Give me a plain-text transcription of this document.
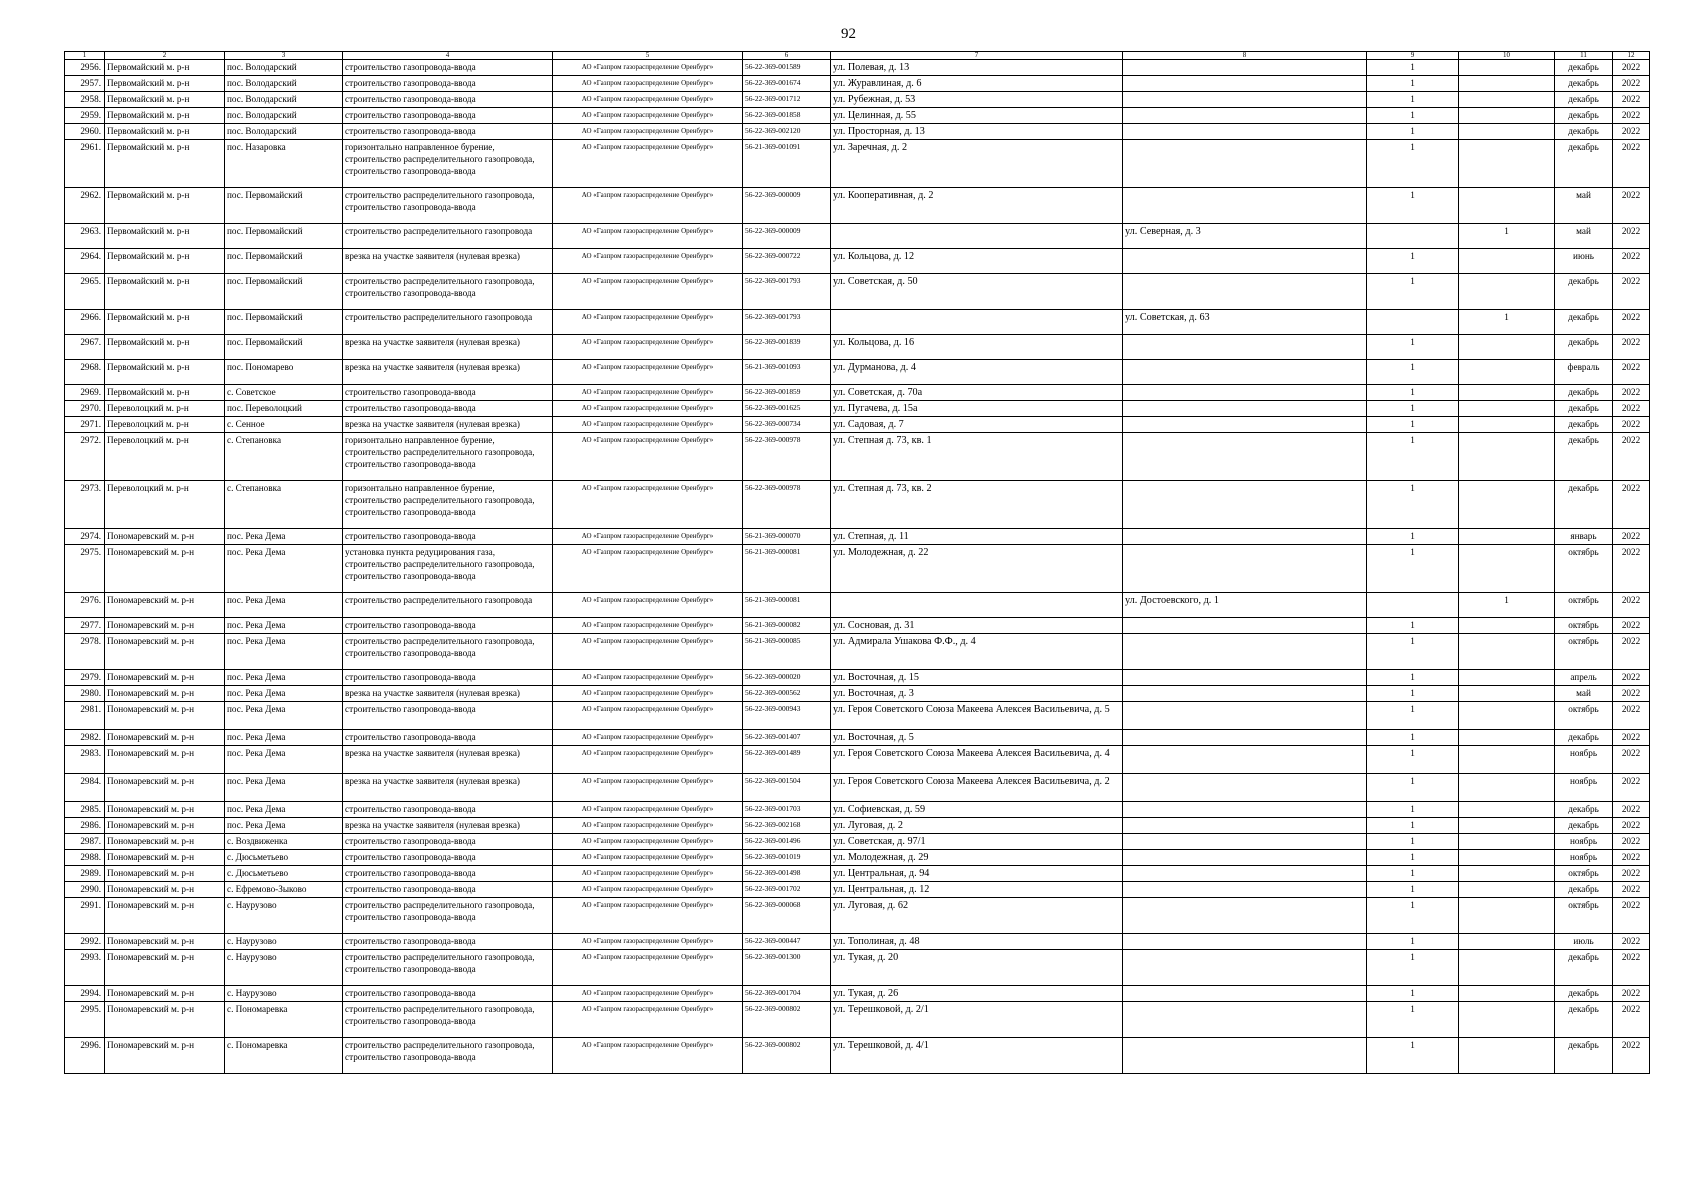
92
1	2	3	4	5	6	7	8	9	10	11	12
2956.	Первомайский м. р-н	пос. Володарский	строительство газопровода-ввода	АО «Газпром газораспределение Оренбург»	56-22-369-001589	ул. Полевая, д. 13		1		декабрь	2022
2957.	Первомайский м. р-н	пос. Володарский	строительство газопровода-ввода	АО «Газпром газораспределение Оренбург»	56-22-369-001674	ул. Журавлиная, д. 6		1		декабрь	2022
2958.	Первомайский м. р-н	пос. Володарский	строительство газопровода-ввода	АО «Газпром газораспределение Оренбург»	56-22-369-001712	ул. Рубежная, д. 53		1		декабрь	2022
2959.	Первомайский м. р-н	пос. Володарский	строительство газопровода-ввода	АО «Газпром газораспределение Оренбург»	56-22-369-001858	ул. Целинная, д. 55		1		декабрь	2022
2960.	Первомайский м. р-н	пос. Володарский	строительство газопровода-ввода	АО «Газпром газораспределение Оренбург»	56-22-369-002120	ул. Просторная, д. 13		1		декабрь	2022
2961.	Первомайский м. р-н	пос. Назаровка	горизонтально направленное бурение, строительство распределительного газопровода, строительство газопровода-ввода	АО «Газпром газораспределение Оренбург»	56-21-369-001091	ул. Заречная, д. 2		1		декабрь	2022
2962.	Первомайский м. р-н	пос. Первомайский	строительство распределительного газопровода, строительство газопровода-ввода	АО «Газпром газораспределение Оренбург»	56-22-369-000009	ул. Кооперативная, д. 2		1		май	2022
2963.	Первомайский м. р-н	пос. Первомайский	строительство распределительного газопровода	АО «Газпром газораспределение Оренбург»	56-22-369-000009		ул. Северная, д. 3		1	май	2022
2964.	Первомайский м. р-н	пос. Первомайский	врезка на участке заявителя (нулевая врезка)	АО «Газпром газораспределение Оренбург»	56-22-369-000722	ул. Кольцова, д. 12		1		июнь	2022
2965.	Первомайский м. р-н	пос. Первомайский	строительство распределительного газопровода, строительство газопровода-ввода	АО «Газпром газораспределение Оренбург»	56-22-369-001793	ул. Советская, д. 50		1		декабрь	2022
2966.	Первомайский м. р-н	пос. Первомайский	строительство распределительного газопровода	АО «Газпром газораспределение Оренбург»	56-22-369-001793		ул. Советская, д. 63		1	декабрь	2022
2967.	Первомайский м. р-н	пос. Первомайский	врезка на участке заявителя (нулевая врезка)	АО «Газпром газораспределение Оренбург»	56-22-369-001839	ул. Кольцова, д. 16		1		декабрь	2022
2968.	Первомайский м. р-н	пос. Пономарево	врезка на участке заявителя (нулевая врезка)	АО «Газпром газораспределение Оренбург»	56-21-369-001093	ул. Дурманова, д. 4		1		февраль	2022
2969.	Первомайский м. р-н	с. Советское	строительство газопровода-ввода	АО «Газпром газораспределение Оренбург»	56-22-369-001859	ул. Советская, д. 70а		1		декабрь	2022
2970.	Переволоцкий м. р-н	пос. Переволоцкий	строительство газопровода-ввода	АО «Газпром газораспределение Оренбург»	56-22-369-001625	ул. Пугачева, д. 15а		1		декабрь	2022
2971.	Переволоцкий м. р-н	с. Сенное	врезка на участке заявителя (нулевая врезка)	АО «Газпром газораспределение Оренбург»	56-22-369-000734	ул. Садовая, д. 7		1		декабрь	2022
2972.	Переволоцкий м. р-н	с. Степановка	горизонтально направленное бурение, строительство распределительного газопровода, строительство газопровода-ввода	АО «Газпром газораспределение Оренбург»	56-22-369-000978	ул. Степная д. 73, кв. 1		1		декабрь	2022
2973.	Переволоцкий м. р-н	с. Степановка	горизонтально направленное бурение, строительство распределительного газопровода, строительство газопровода-ввода	АО «Газпром газораспределение Оренбург»	56-22-369-000978	ул. Степная д. 73, кв. 2		1		декабрь	2022
2974.	Пономаревский м. р-н	пос. Река Дема	строительство газопровода-ввода	АО «Газпром газораспределение Оренбург»	56-21-369-000070	ул. Степная, д. 11		1		январь	2022
2975.	Пономаревский м. р-н	пос. Река Дема	установка пункта редуцирования газа, строительство распределительного газопровода, строительство газопровода-ввода	АО «Газпром газораспределение Оренбург»	56-21-369-000081	ул. Молодежная, д. 22		1		октябрь	2022
2976.	Пономаревский м. р-н	пос. Река Дема	строительство распределительного газопровода	АО «Газпром газораспределение Оренбург»	56-21-369-000081		ул. Достоевского, д. 1		1	октябрь	2022
2977.	Пономаревский м. р-н	пос. Река Дема	строительство газопровода-ввода	АО «Газпром газораспределение Оренбург»	56-21-369-000082	ул. Сосновая, д. 31		1		октябрь	2022
2978.	Пономаревский м. р-н	пос. Река Дема	строительство распределительного газопровода, строительство газопровода-ввода	АО «Газпром газораспределение Оренбург»	56-21-369-000085	ул. Адмирала Ушакова Ф.Ф., д. 4		1		октябрь	2022
2979.	Пономаревский м. р-н	пос. Река Дема	строительство газопровода-ввода	АО «Газпром газораспределение Оренбург»	56-22-369-000020	ул. Восточная, д. 15		1		апрель	2022
2980.	Пономаревский м. р-н	пос. Река Дема	врезка на участке заявителя (нулевая врезка)	АО «Газпром газораспределение Оренбург»	56-22-369-000562	ул. Восточная, д. 3		1		май	2022
2981.	Пономаревский м. р-н	пос. Река Дема	строительство газопровода-ввода	АО «Газпром газораспределение Оренбург»	56-22-369-000943	ул. Героя Советского Союза Макеева Алексея Васильевича, д. 5		1		октябрь	2022
2982.	Пономаревский м. р-н	пос. Река Дема	строительство газопровода-ввода	АО «Газпром газораспределение Оренбург»	56-22-369-001407	ул. Восточная, д. 5		1		декабрь	2022
2983.	Пономаревский м. р-н	пос. Река Дема	врезка на участке заявителя (нулевая врезка)	АО «Газпром газораспределение Оренбург»	56-22-369-001489	ул. Героя Советского Союза Макеева Алексея Васильевича, д. 4		1		ноябрь	2022
2984.	Пономаревский м. р-н	пос. Река Дема	врезка на участке заявителя (нулевая врезка)	АО «Газпром газораспределение Оренбург»	56-22-369-001504	ул. Героя Советского Союза Макеева Алексея Васильевича, д. 2		1		ноябрь	2022
2985.	Пономаревский м. р-н	пос. Река Дема	строительство газопровода-ввода	АО «Газпром газораспределение Оренбург»	56-22-369-001703	ул. Софиевская, д. 59		1		декабрь	2022
2986.	Пономаревский м. р-н	пос. Река Дема	врезка на участке заявителя (нулевая врезка)	АО «Газпром газораспределение Оренбург»	56-22-369-002168	ул. Луговая, д. 2		1		декабрь	2022
2987.	Пономаревский м. р-н	с. Воздвиженка	строительство газопровода-ввода	АО «Газпром газораспределение Оренбург»	56-22-369-001496	ул. Советская, д. 97/1		1		ноябрь	2022
2988.	Пономаревский м. р-н	с. Дюсьметьево	строительство газопровода-ввода	АО «Газпром газораспределение Оренбург»	56-22-369-001019	ул. Молодежная, д. 29		1		ноябрь	2022
2989.	Пономаревский м. р-н	с. Дюсьметьево	строительство газопровода-ввода	АО «Газпром газораспределение Оренбург»	56-22-369-001498	ул. Центральная, д. 94		1		октябрь	2022
2990.	Пономаревский м. р-н	с. Ефремово-Зыково	строительство газопровода-ввода	АО «Газпром газораспределение Оренбург»	56-22-369-001702	ул. Центральная, д. 12		1		декабрь	2022
2991.	Пономаревский м. р-н	с. Наурузово	строительство распределительного газопровода, строительство газопровода-ввода	АО «Газпром газораспределение Оренбург»	56-22-369-000068	ул. Луговая, д. 62		1		октябрь	2022
2992.	Пономаревский м. р-н	с. Наурузово	строительство газопровода-ввода	АО «Газпром газораспределение Оренбург»	56-22-369-000447	ул. Тополиная, д. 48		1		июль	2022
2993.	Пономаревский м. р-н	с. Наурузово	строительство распределительного газопровода, строительство газопровода-ввода	АО «Газпром газораспределение Оренбург»	56-22-369-001300	ул. Тукая, д. 20		1		декабрь	2022
2994.	Пономаревский м. р-н	с. Наурузово	строительство газопровода-ввода	АО «Газпром газораспределение Оренбург»	56-22-369-001704	ул. Тукая, д. 26		1		декабрь	2022
2995.	Пономаревский м. р-н	с. Пономаревка	строительство распределительного газопровода, строительство газопровода-ввода	АО «Газпром газораспределение Оренбург»	56-22-369-000802	ул. Терешковой, д. 2/1		1		декабрь	2022
2996.	Пономаревский м. р-н	с. Пономаревка	строительство распределительного газопровода, строительство газопровода-ввода	АО «Газпром газораспределение Оренбург»	56-22-369-000802	ул. Терешковой, д. 4/1		1		декабрь	2022
